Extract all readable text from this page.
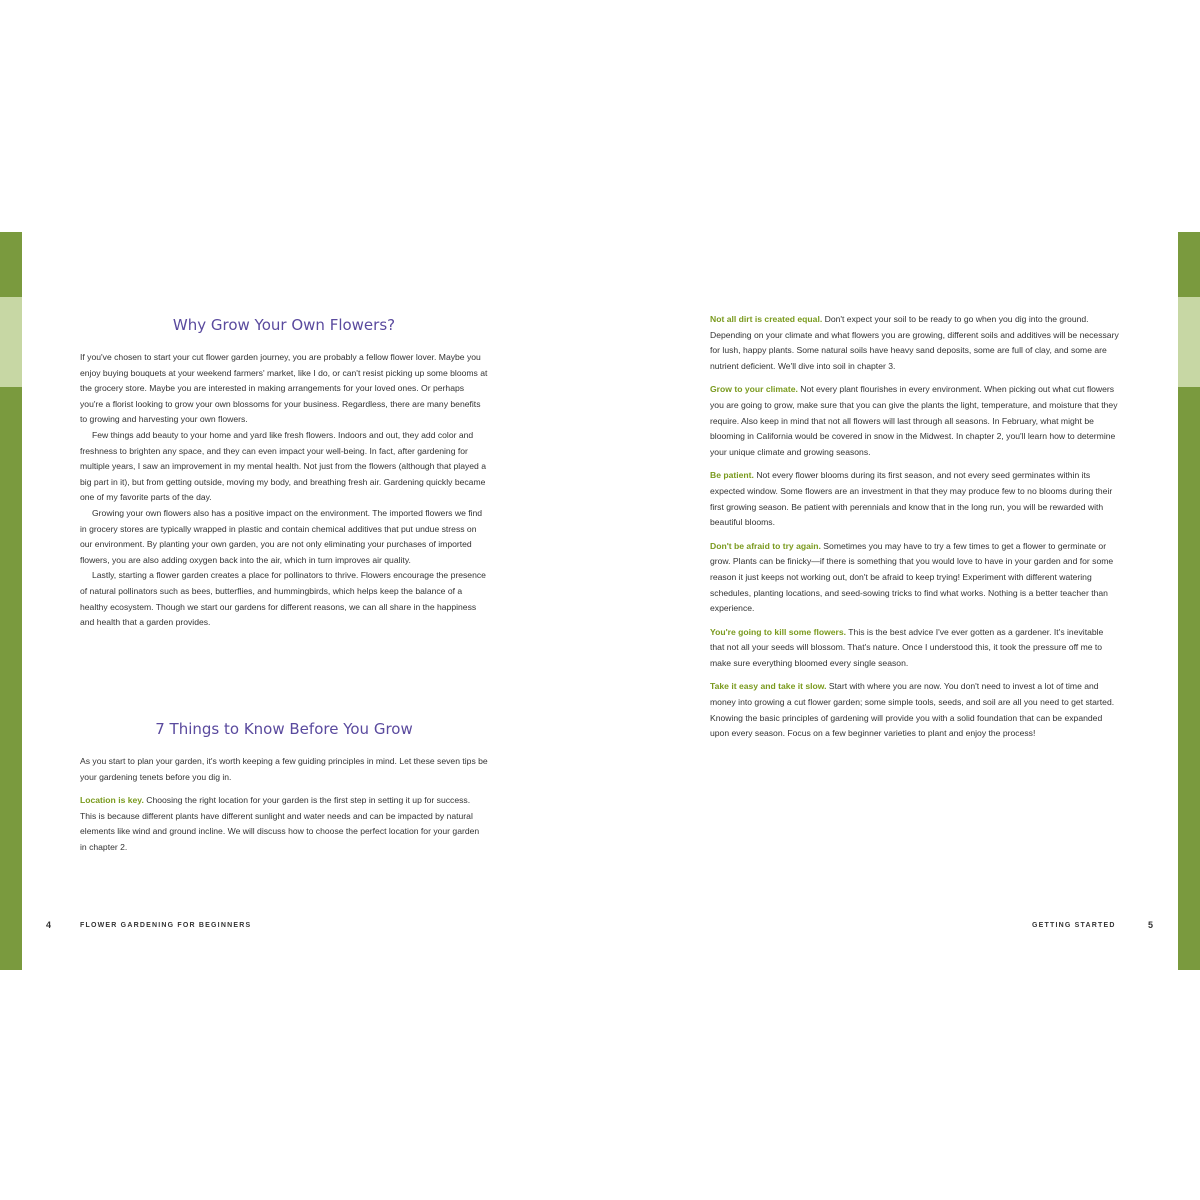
Why Grow Your Own Flowers?

If you've chosen to start your cut flower garden journey, you are probably a fellow flower lover. Maybe you enjoy buying bouquets at your weekend farmers' market, like I do, or can't resist picking up some blooms at the grocery store. Maybe you are interested in making arrangements for your loved ones. Or perhaps you're a florist looking to grow your own blossoms for your business. Regardless, there are many benefits to growing and harvesting your own flowers.

Few things add beauty to your home and yard like fresh flowers. Indoors and out, they add color and freshness to brighten any space, and they can even impact your well-being. In fact, after gardening for multiple years, I saw an improvement in my mental health. Not just from the flowers (although that played a big part in it), but from getting outside, moving my body, and breathing fresh air. Gardening quickly became one of my favorite parts of the day.

Growing your own flowers also has a positive impact on the environment. The imported flowers we find in grocery stores are typically wrapped in plastic and contain chemical additives that put undue stress on our environment. By planting your own garden, you are not only eliminating your purchases of imported flowers, you are also adding oxygen back into the air, which in turn improves air quality.

Lastly, starting a flower garden creates a place for pollinators to thrive. Flowers encourage the presence of natural pollinators such as bees, butterflies, and hummingbirds, which helps keep the balance of a healthy ecosystem. Though we start our gardens for different reasons, we can all share in the happiness and health that a garden provides.

7 Things to Know Before You Grow

As you start to plan your garden, it's worth keeping a few guiding principles in mind. Let these seven tips be your gardening tenets before you dig in.

Location is key. Choosing the right location for your garden is the first step in setting it up for success. This is because different plants have different sunlight and water needs and can be impacted by natural elements like wind and ground incline. We will discuss how to choose the perfect location for your garden in chapter 2.

Not all dirt is created equal. Don't expect your soil to be ready to go when you dig into the ground. Depending on your climate and what flowers you are growing, different soils and additives will be necessary for lush, happy plants. Some natural soils have heavy sand deposits, some are full of clay, and some are nutrient deficient. We'll dive into soil in chapter 3.

Grow to your climate. Not every plant flourishes in every environment. When picking out what cut flowers you are going to grow, make sure that you can give the plants the light, temperature, and moisture that they require. Also keep in mind that not all flowers will last through all seasons. In February, what might be blooming in California would be covered in snow in the Midwest. In chapter 2, you'll learn how to determine your unique climate and growing seasons.

Be patient. Not every flower blooms during its first season, and not every seed germinates within its expected window. Some flowers are an investment in that they may produce few to no blooms during their first growing season. Be patient with perennials and know that in the long run, you will be rewarded with beautiful blooms.

Don't be afraid to try again. Sometimes you may have to try a few times to get a flower to germinate or grow. Plants can be finicky—if there is something that you would love to have in your garden and for some reason it just keeps not working out, don't be afraid to keep trying! Experiment with different watering schedules, planting locations, and seed-sowing tricks to find what works. Nothing is a better teacher than experience.

You're going to kill some flowers. This is the best advice I've ever gotten as a gardener. It's inevitable that not all your seeds will blossom. That's nature. Once I understood this, it took the pressure off me to make sure everything bloomed every single season.

Take it easy and take it slow. Start with where you are now. You don't need to invest a lot of time and money into growing a cut flower garden; some simple tools, seeds, and soil are all you need to get started. Knowing the basic principles of gardening will provide you with a solid foundation that can be expanded upon every season. Focus on a few beginner varieties to plant and enjoy the process!

4	FLOWER GARDENING FOR BEGINNERS	GETTING STARTED	5
